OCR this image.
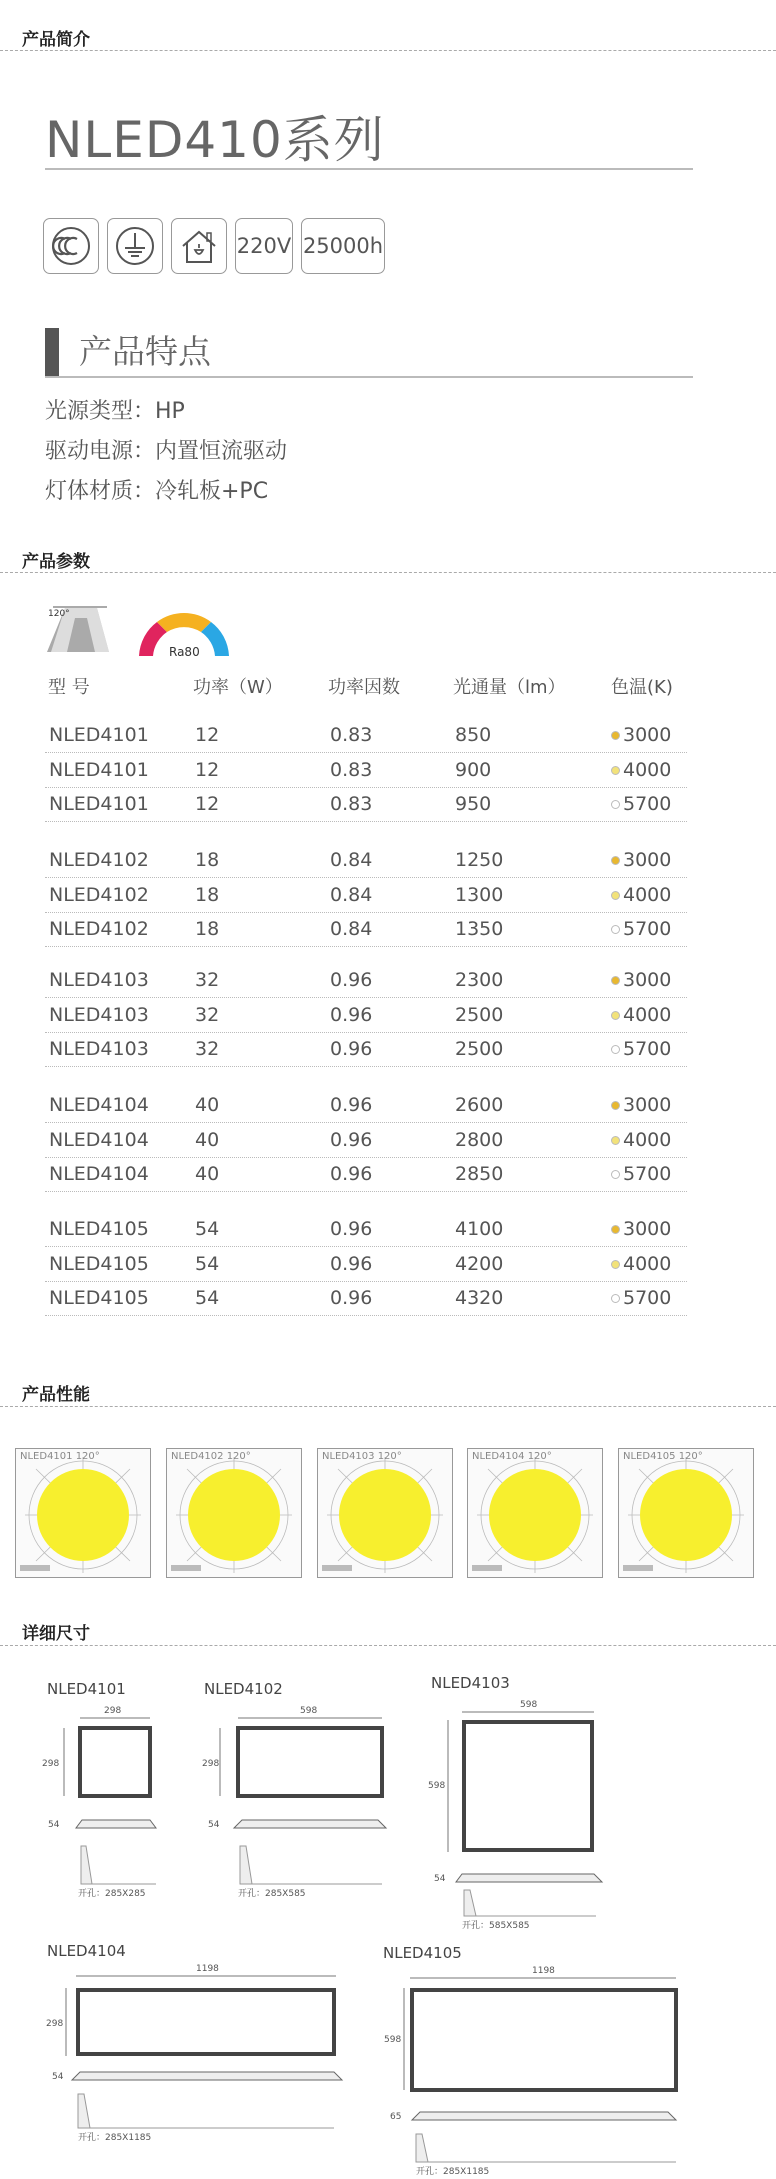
产品简介
NLED410系列
220V 25000h
产品特点
光源类型：HP
驱动电源：内置恒流驱动
灯体材质：冷轧板+PC
产品参数
120°
Ra80
型 号	功率（W）	功率因数	光通量（lm）	色温(K)
NLED4101 12	0.83	850	3000
NLED4101 12	0.83	900	4000
NLED4101 12	0.83	950	5700
NLED4102 18	0.84	1250	3000
NLED4102 18	0.84	1300	4000
NLED4102 18	0.84	1350	5700
NLED4103 32	0.96	2300	3000
NLED4103 32	0.96	2500	4000
NLED4103 32	0.96	2500	5700
NLED4104 40	0.96	2600	3000
NLED4104 40	0.96	2800	4000
NLED4104 40	0.96	2850	5700
NLED4105 54	0.96	4100	3000
NLED4105 54	0.96	4200	4000
NLED4105 54	0.96	4320	5700
产品性能
NLED4101 120°	NLED4102 120°	NLED4103 120°	NLED4104 120°	NLED4105 120°
详细尺寸
NLED4101
298
298
54
开孔：285X285
NLED4102
598
298
54
开孔：285X585
NLED4103
598
598
54
开孔：585X585
NLED4104
1198
298
54
开孔：285X1185
NLED4105
1198
598
65
开孔：285X1185
